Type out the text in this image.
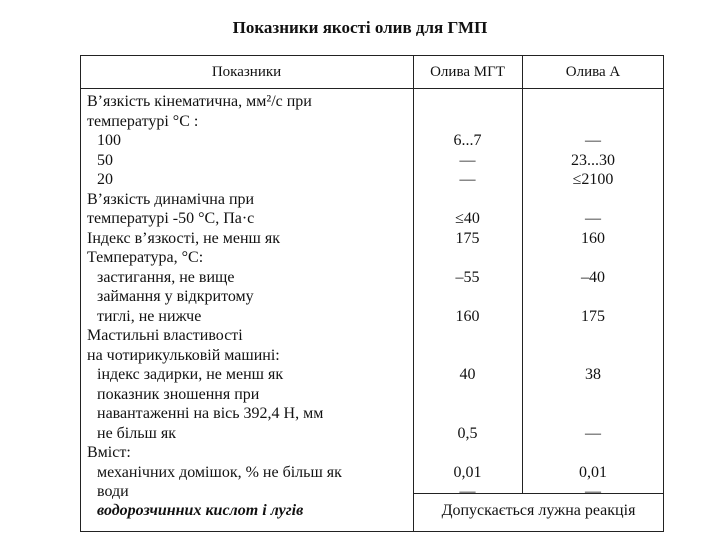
Показники якості олив для ГМП
Показники	Олива МГТ	Олива А
В’язкість кінематична, мм²/с при
температурі °С :
100	6...7	—
50	—	23...30
20	—	≤2100
В’язкість динамічна при
температурі -50 °С, Па·с	≤40	—
Індекс в’язкості, не менш як	175	160
Температура, °С:
застигання, не вище	–55	–40
займання у відкритому
тиглі, не нижче	160	175
Мастильні властивості
на чотирикульковій машині:
індекс задирки, не менш як	40	38
показник зношення при
навантаженні на вісь 392,4 Н, мм
не більш як	0,5	—
Вміст:
механічних домішок, % не більш як	0,01	0,01
води	—	—
водорозчинних кислот і лугів	Допускається лужна реакція
